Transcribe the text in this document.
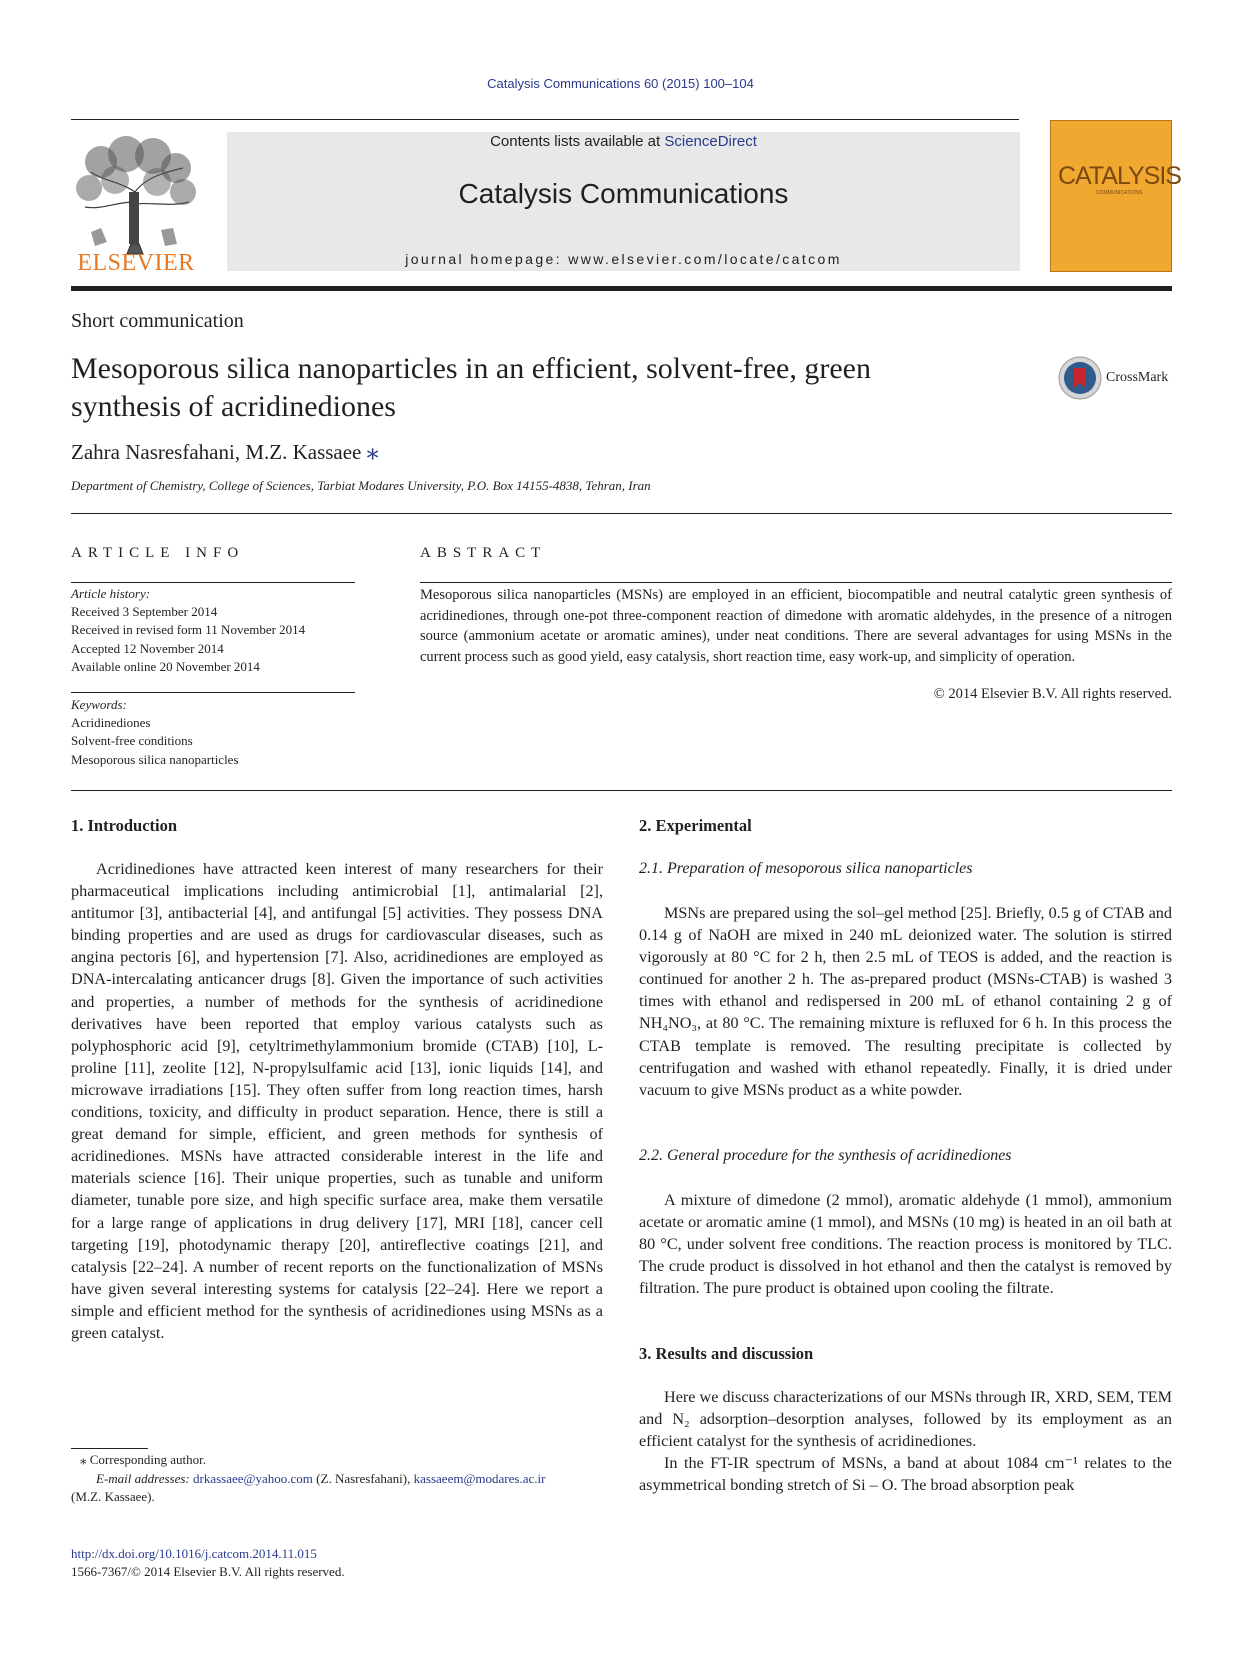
Catalysis Communications 60 (2015) 100–104
ELSEVIER
Contents lists available at ScienceDirect
Catalysis Communications
journal homepage: www.elsevier.com/locate/catcom
CATALYSIS
COMMUNICATIONS
Short communication
Mesoporous silica nanoparticles in an efficient, solvent-free, green
synthesis of acridinediones
CrossMark
Zahra Nasresfahani, M.Z. Kassaee ⁎
Department of Chemistry, College of Sciences, Tarbiat Modares University, P.O. Box 14155-4838, Tehran, Iran
ARTICLE INFO
Article history:
Received 3 September 2014
Received in revised form 11 November 2014
Accepted 12 November 2014
Available online 20 November 2014
Keywords:
Acridinediones
Solvent-free conditions
Mesoporous silica nanoparticles
ABSTRACT
Mesoporous silica nanoparticles (MSNs) are employed in an efficient, biocompatible and neutral catalytic green synthesis of acridinediones, through one-pot three-component reaction of dimedone with aromatic aldehydes, in the presence of a nitrogen source (ammonium acetate or aromatic amines), under neat conditions. There are several advantages for using MSNs in the current process such as good yield, easy catalysis, short reaction time, easy work-up, and simplicity of operation.
© 2014 Elsevier B.V. All rights reserved.
1. Introduction
Acridinediones have attracted keen interest of many researchers for their pharmaceutical implications including antimicrobial [1], antimalarial [2], antitumor [3], antibacterial [4], and antifungal [5] activities. They possess DNA binding properties and are used as drugs for cardiovascular diseases, such as angina pectoris [6], and hypertension [7]. Also, acridinediones are employed as DNA-intercalating anticancer drugs [8]. Given the importance of such activities and properties, a number of methods for the synthesis of acridinedione derivatives have been reported that employ various catalysts such as polyphosphoric acid [9], cetyltrimethylammonium bromide (CTAB) [10], L-proline [11], zeolite [12], N-propylsulfamic acid [13], ionic liquids [14], and microwave irradiations [15]. They often suffer from long reaction times, harsh conditions, toxicity, and difficulty in product separation. Hence, there is still a great demand for simple, efficient, and green methods for synthesis of acridinediones. MSNs have attracted considerable interest in the life and materials science [16]. Their unique properties, such as tunable and uniform diameter, tunable pore size, and high specific surface area, make them versatile for a large range of applications in drug delivery [17], MRI [18], cancer cell targeting [19], photodynamic therapy [20], antireflective coatings [21], and catalysis [22–24]. A number of recent reports on the functionalization of MSNs have given several interesting systems for catalysis [22–24]. Here we report a simple and efficient method for the synthesis of acridinediones using MSNs as a green catalyst.
⁎ Corresponding author.
E-mail addresses: drkassaee@yahoo.com (Z. Nasresfahani), kassaeem@modares.ac.ir
(M.Z. Kassaee).
http://dx.doi.org/10.1016/j.catcom.2014.11.015
1566-7367/© 2014 Elsevier B.V. All rights reserved.
2. Experimental
2.1. Preparation of mesoporous silica nanoparticles
MSNs are prepared using the sol–gel method [25]. Briefly, 0.5 g of CTAB and 0.14 g of NaOH are mixed in 240 mL deionized water. The solution is stirred vigorously at 80 °C for 2 h, then 2.5 mL of TEOS is added, and the reaction is continued for another 2 h. The as-prepared product (MSNs-CTAB) is washed 3 times with ethanol and redispersed in 200 mL of ethanol containing 2 g of NH₄NO₃, at 80 °C. The remaining mixture is refluxed for 6 h. In this process the CTAB template is removed. The resulting precipitate is collected by centrifugation and washed with ethanol repeatedly. Finally, it is dried under vacuum to give MSNs product as a white powder.
2.2. General procedure for the synthesis of acridinediones
A mixture of dimedone (2 mmol), aromatic aldehyde (1 mmol), ammonium acetate or aromatic amine (1 mmol), and MSNs (10 mg) is heated in an oil bath at 80 °C, under solvent free conditions. The reaction process is monitored by TLC. The crude product is dissolved in hot ethanol and then the catalyst is removed by filtration. The pure product is obtained upon cooling the filtrate.
3. Results and discussion
Here we discuss characterizations of our MSNs through IR, XRD, SEM, TEM and N₂ adsorption–desorption analyses, followed by its employment as an efficient catalyst for the synthesis of acridinediones.
In the FT-IR spectrum of MSNs, a band at about 1084 cm⁻¹ relates to the asymmetrical bonding stretch of Si – O. The broad absorption peak
